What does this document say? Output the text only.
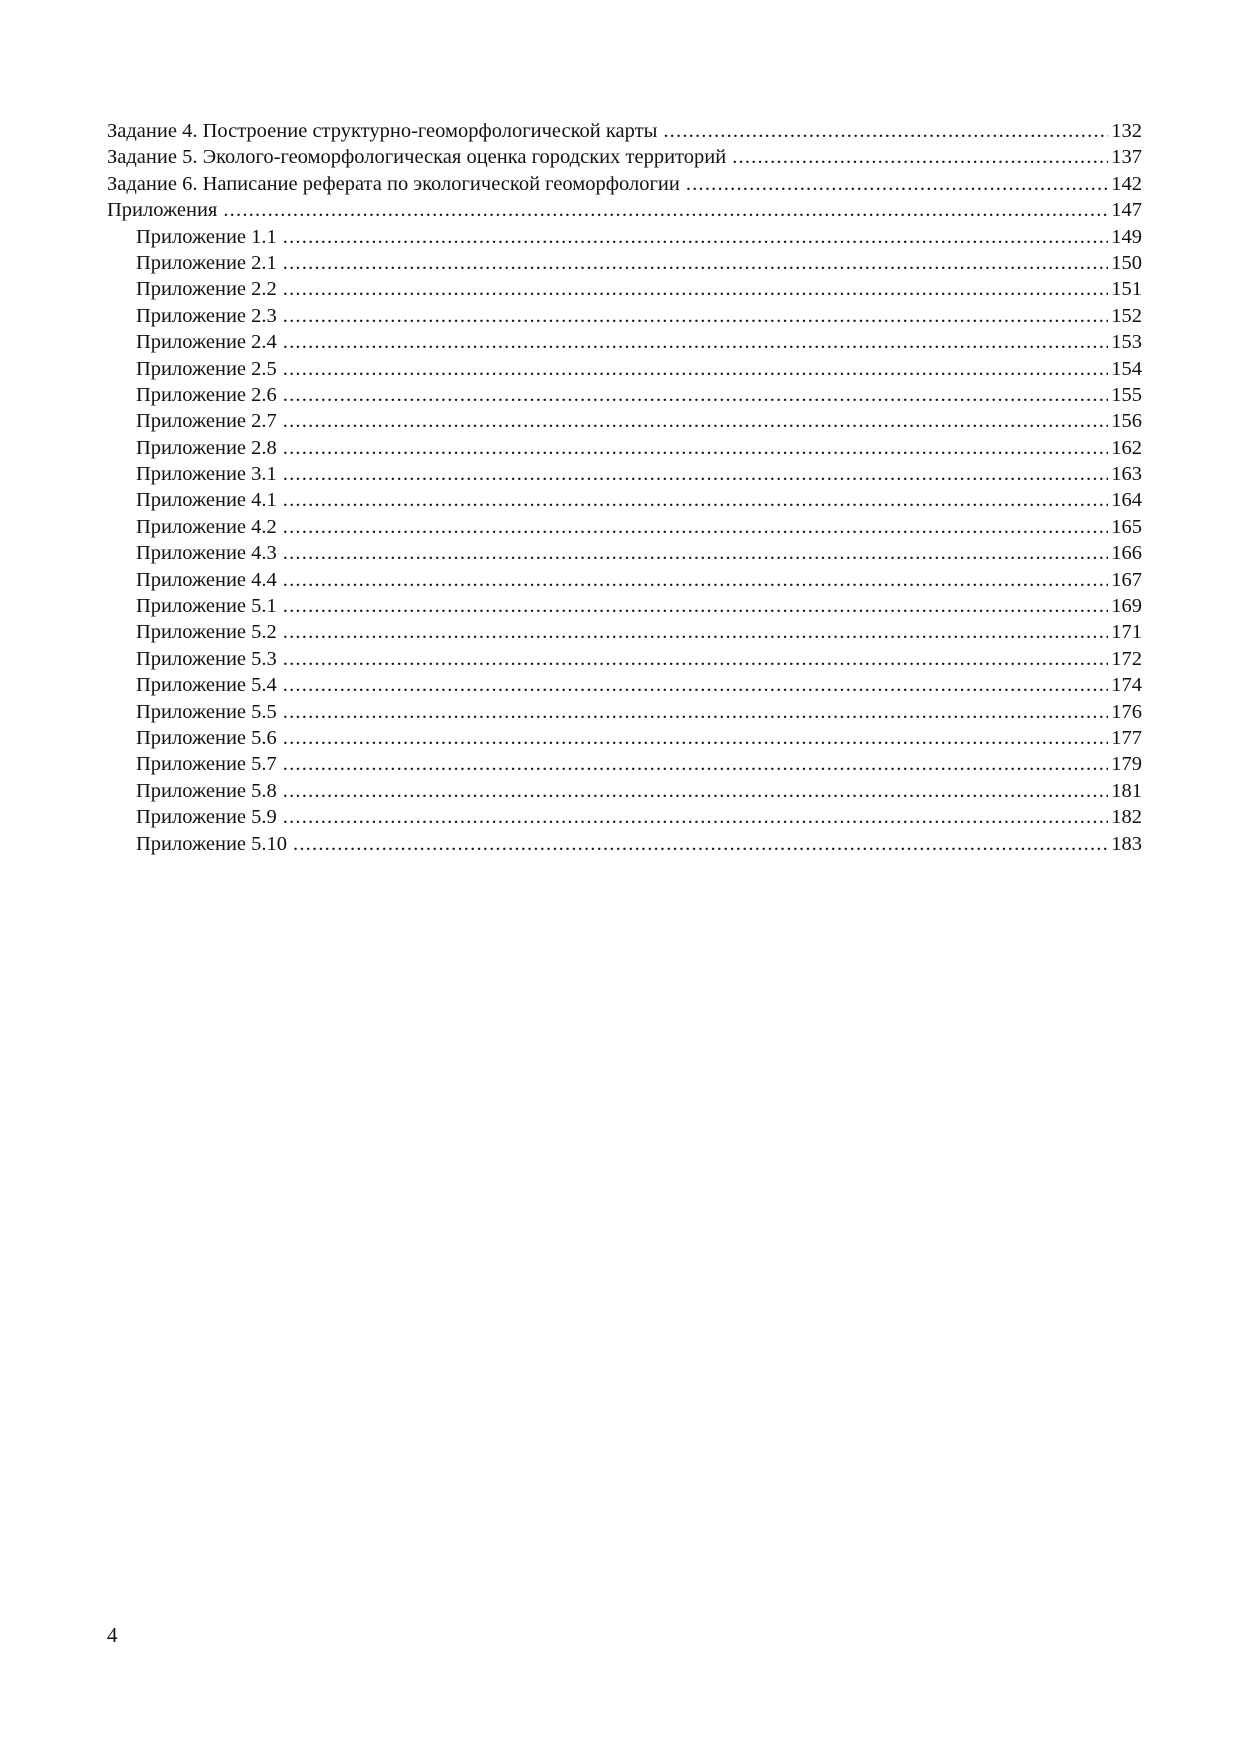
Задание 4. Построение структурно-геоморфологической карты .....	132
Задание 5. Эколого-геоморфологическая оценка городских территорий .....	137
Задание 6. Написание реферата по экологической геоморфологии .....	142
Приложения .....	147
Приложение 1.1 .....	149
Приложение 2.1 .....	150
Приложение 2.2 .....	151
Приложение 2.3 .....	152
Приложение 2.4 .....	153
Приложение 2.5 .....	154
Приложение 2.6 .....	155
Приложение 2.7 .....	156
Приложение 2.8 .....	162
Приложение 3.1 .....	163
Приложение 4.1 .....	164
Приложение 4.2 .....	165
Приложение 4.3 .....	166
Приложение 4.4 .....	167
Приложение 5.1 .....	169
Приложение 5.2 .....	171
Приложение 5.3 .....	172
Приложение 5.4 .....	174
Приложение 5.5 .....	176
Приложение 5.6 .....	177
Приложение 5.7 .....	179
Приложение 5.8 .....	181
Приложение 5.9 .....	182
Приложение 5.10 .....	183
4
